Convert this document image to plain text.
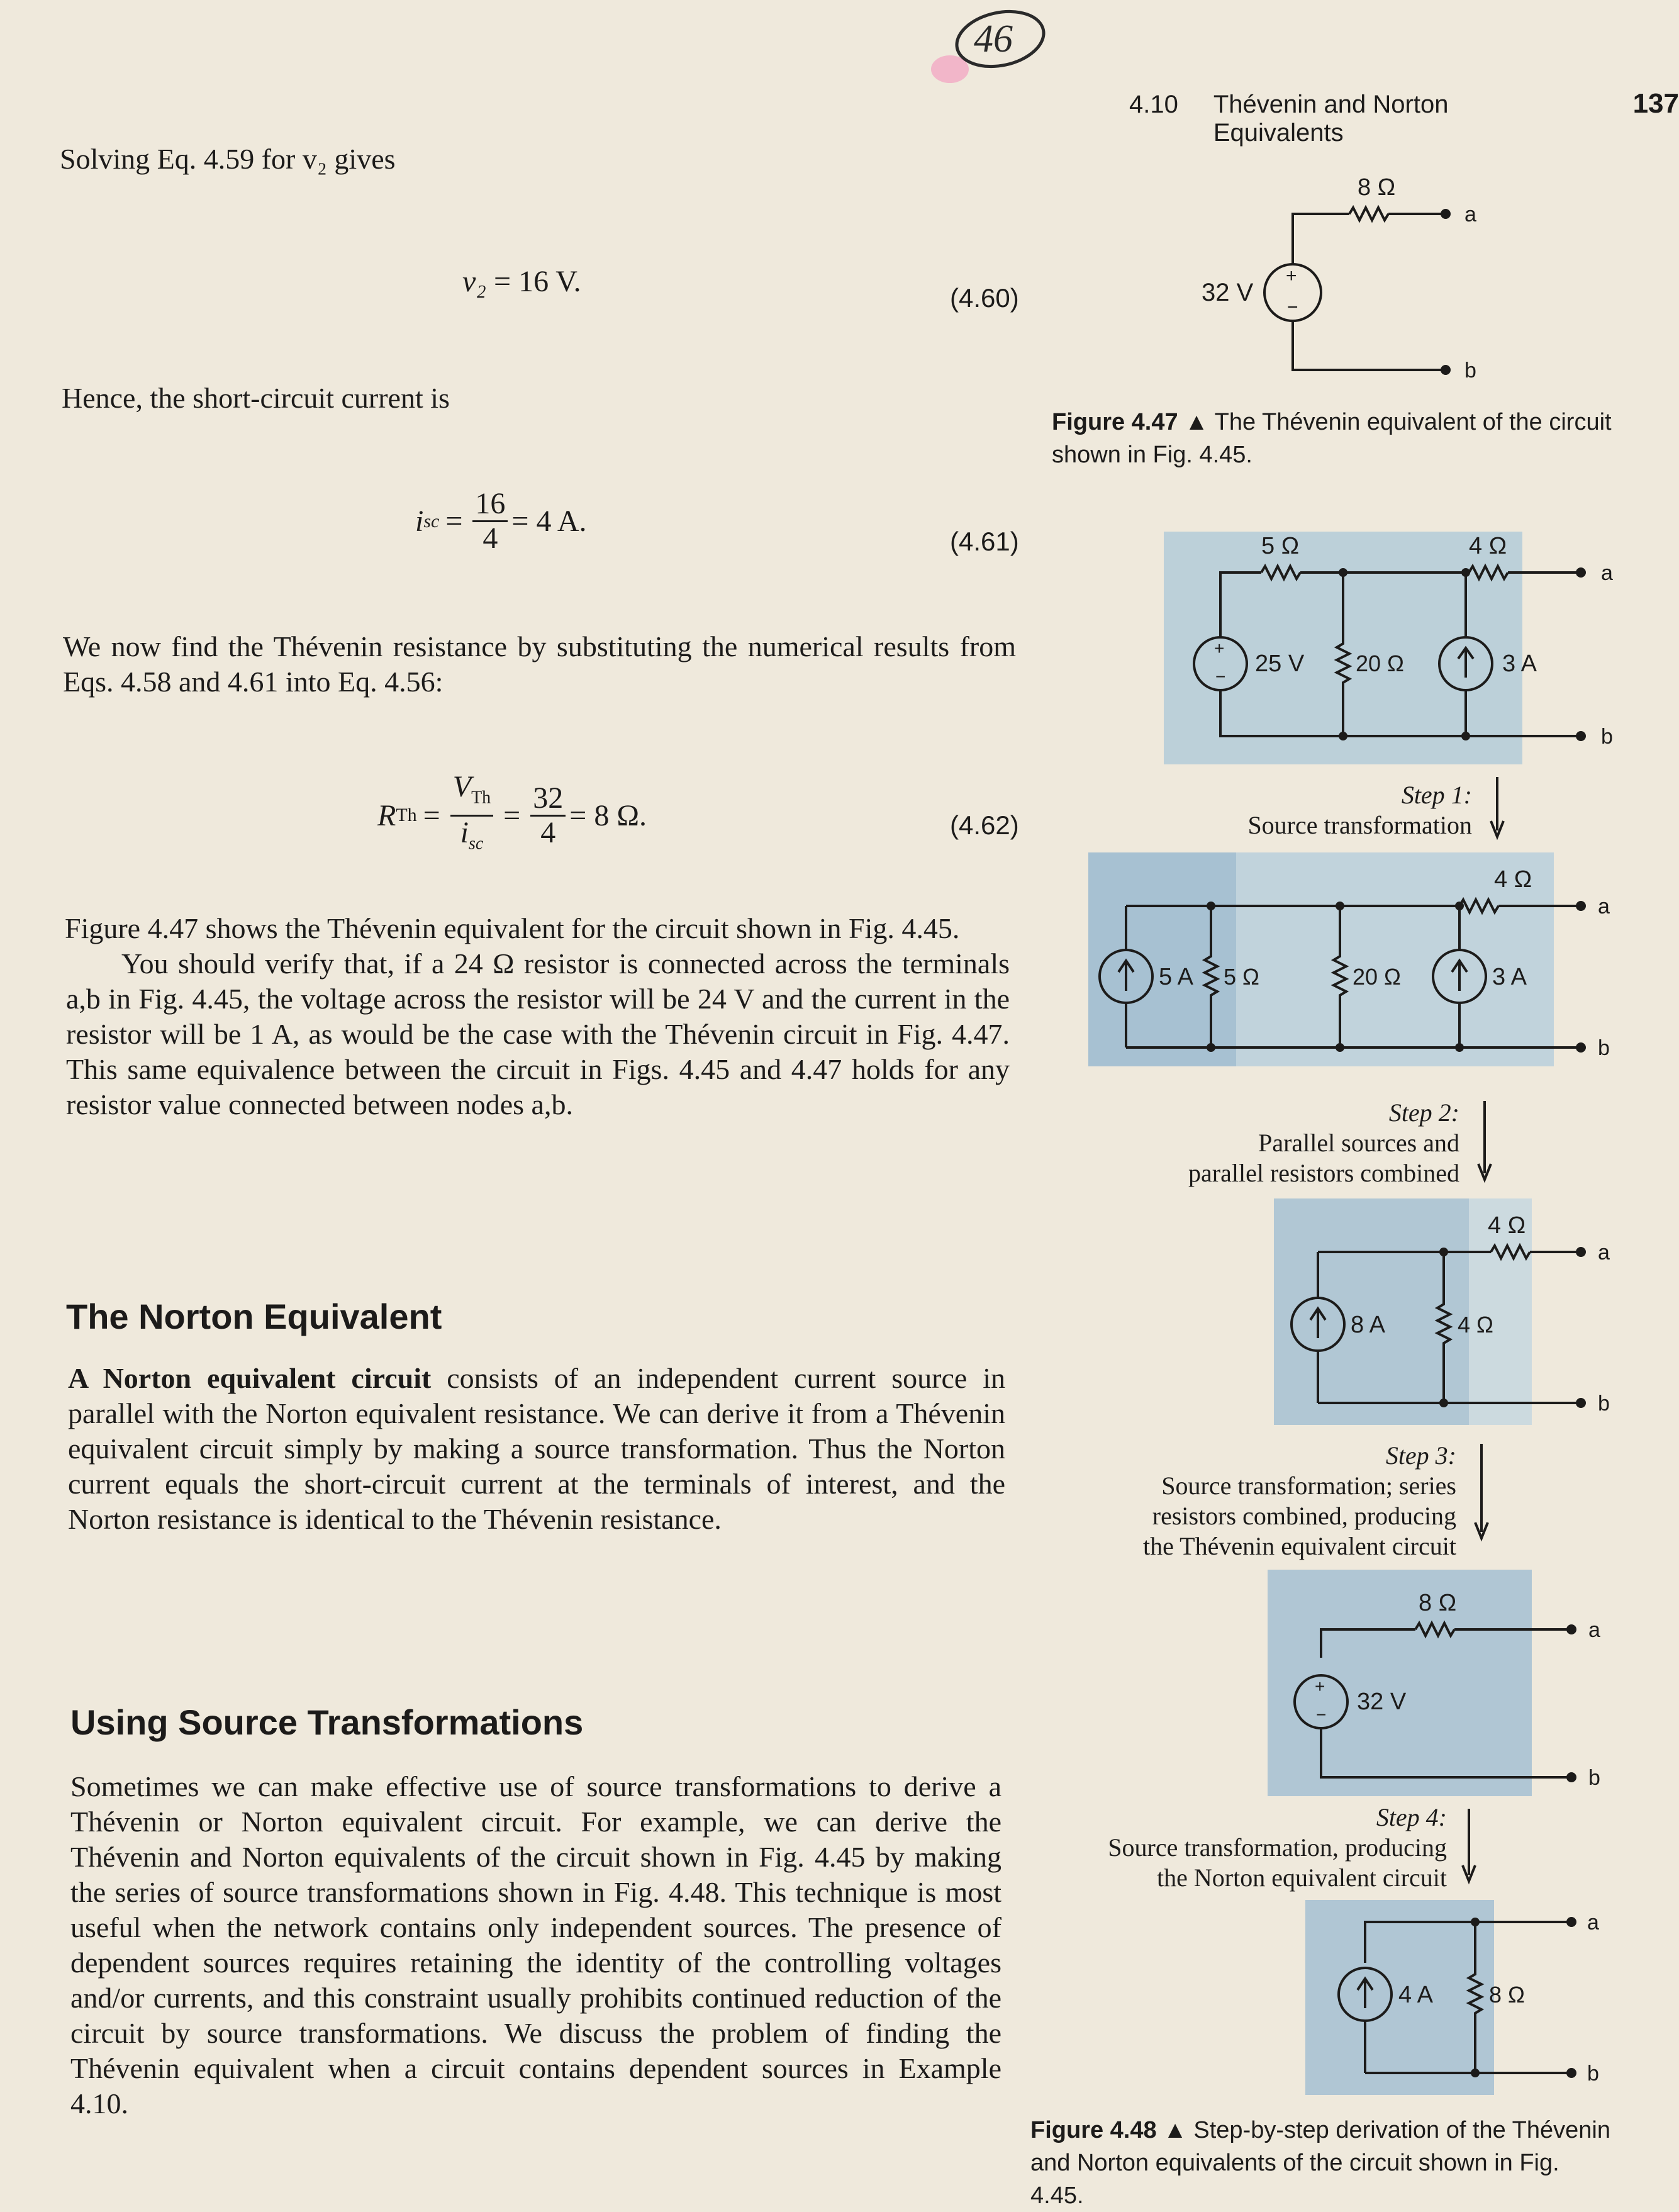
46
4.10 Thévenin and Norton Equivalents
137
Solving Eq. 4.59 for v₂ gives
v₂
= 16 V.	(4.60)
Hence, the short-circuit current is
i sc = $\frac{16}{4} = 4$ A.
(4.61)
We now find the Thévenin resistance by substituting the numerical results from Eqs. 4.58 and 4.61 into Eq. 4.56:
R $Th = \frac{V_{Th}}{i_{sc}} = \frac{32}{4} = 8$ Ω.	(4.62)
Figure 4.47 shows the Thévenin equivalent for the circuit shown in Fig. 4.45.
You should verify that, if a 24 Ω resistor is connected across the terminals a,b in Fig. 4.45, the voltage across the resistor will be 24 V and the current in the resistor will be 1 A, as would be the case with the Thévenin circuit in Fig. 4.47. This same equivalence between the circuit in Figs. 4.45 and 4.47 holds for any resistor value connected between nodes a,b.
The Norton Equivalent
A Norton equivalent circuit consists of an independent current source in parallel with the Norton equivalent resistance. We can derive it from a Thévenin equivalent circuit simply by making a source transformation. Thus the Norton current equals the short-circuit current at the terminals of interest, and the Norton resistance is identical to the Thévenin resistance.
Using Source Transformations
Sometimes we can make effective use of source transformations to derive a Thévenin or Norton equivalent circuit. For example, we can derive the Thévenin and Norton equivalents of the circuit shown in Fig. 4.45 by making the series of source transformations shown in Fig. 4.48. This technique is most useful when the network contains only independent sources. The presence of dependent sources requires retaining the identity of the controlling voltages and/or currents, and this constraint usually prohibits continued reduction of the circuit by source transformations. We discuss the problem of finding the Thévenin equivalent when a circuit contains dependent sources in Example 4.10.
8 Ω
a
+
−
32 V
b
Figure 4.47 ▲ The Thévenin equivalent of the circuit shown in Fig. 4.45.
5 Ω	4 Ω
a
+
− 25 V 20 Ω	3 A
b
Step 1:
Source transformation
4 Ω
a
5 A 5 Ω	20 Ω	3 A
b
Step 2:
Parallel sources and
parallel resistors combined
4 Ω
a
8 A	4 Ω
b
Step 3:
Source transformation; series
resistors combined, producing
the Thévenin equivalent circuit
8 Ω
a
+
− 32 V
b
Step 4:
Source transformation, producing
the Norton equivalent circuit
a
4 A 8 Ω
b
Figure 4.48 ▲ Step-by-step derivation of the Thévenin and Norton equivalents of the circuit shown in Fig. 4.45.
